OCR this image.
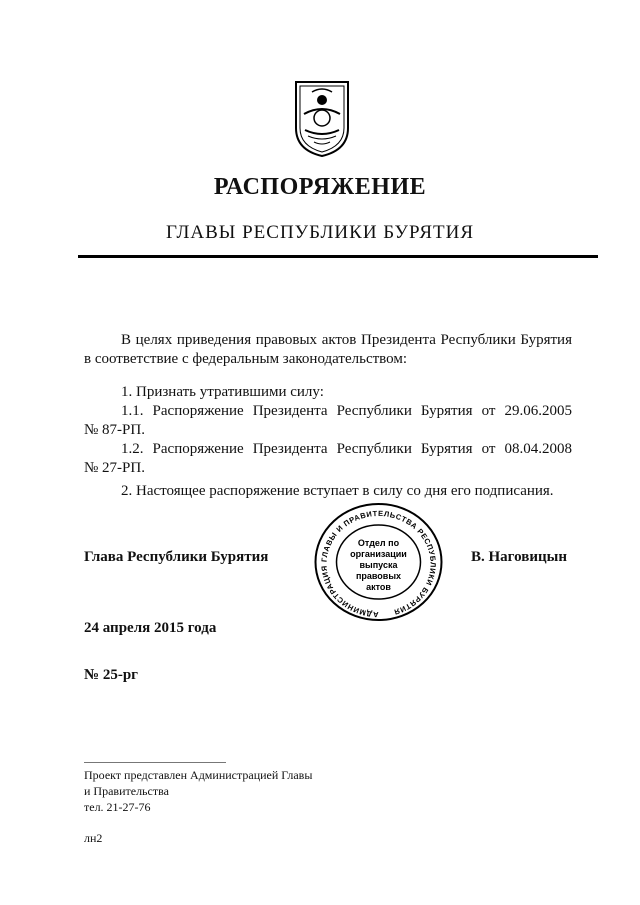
РАСПОРЯЖЕНИЕ
ГЛАВЫ РЕСПУБЛИКИ БУРЯТИЯ
В целях приведения правовых актов Президента Республики Бурятия
в соответствие с федеральным законодательством:
1. Признать утратившими силу:
1.1. Распоряжение Президента Республики Бурятия от 29.06.2005
№ 87-РП.
1.2. Распоряжение Президента Республики Бурятия от 08.04.2008
№ 27-РП.
2. Настоящее распоряжение вступает в силу со дня его подписания.
Глава Республики Бурятия
АДМИНИСТРАЦИЯ ГЛАВЫ И ПРАВИТЕЛЬСТВА РЕСПУБЛИКИ БУРЯТИЯ
Отдел по
организации
выпуска
правовых
актов
В. Наговицын
24 апреля 2015 года
№ 25-рг
Проект представлен Администрацией Главы
и Правительства
тел. 21-27-76
лн2
